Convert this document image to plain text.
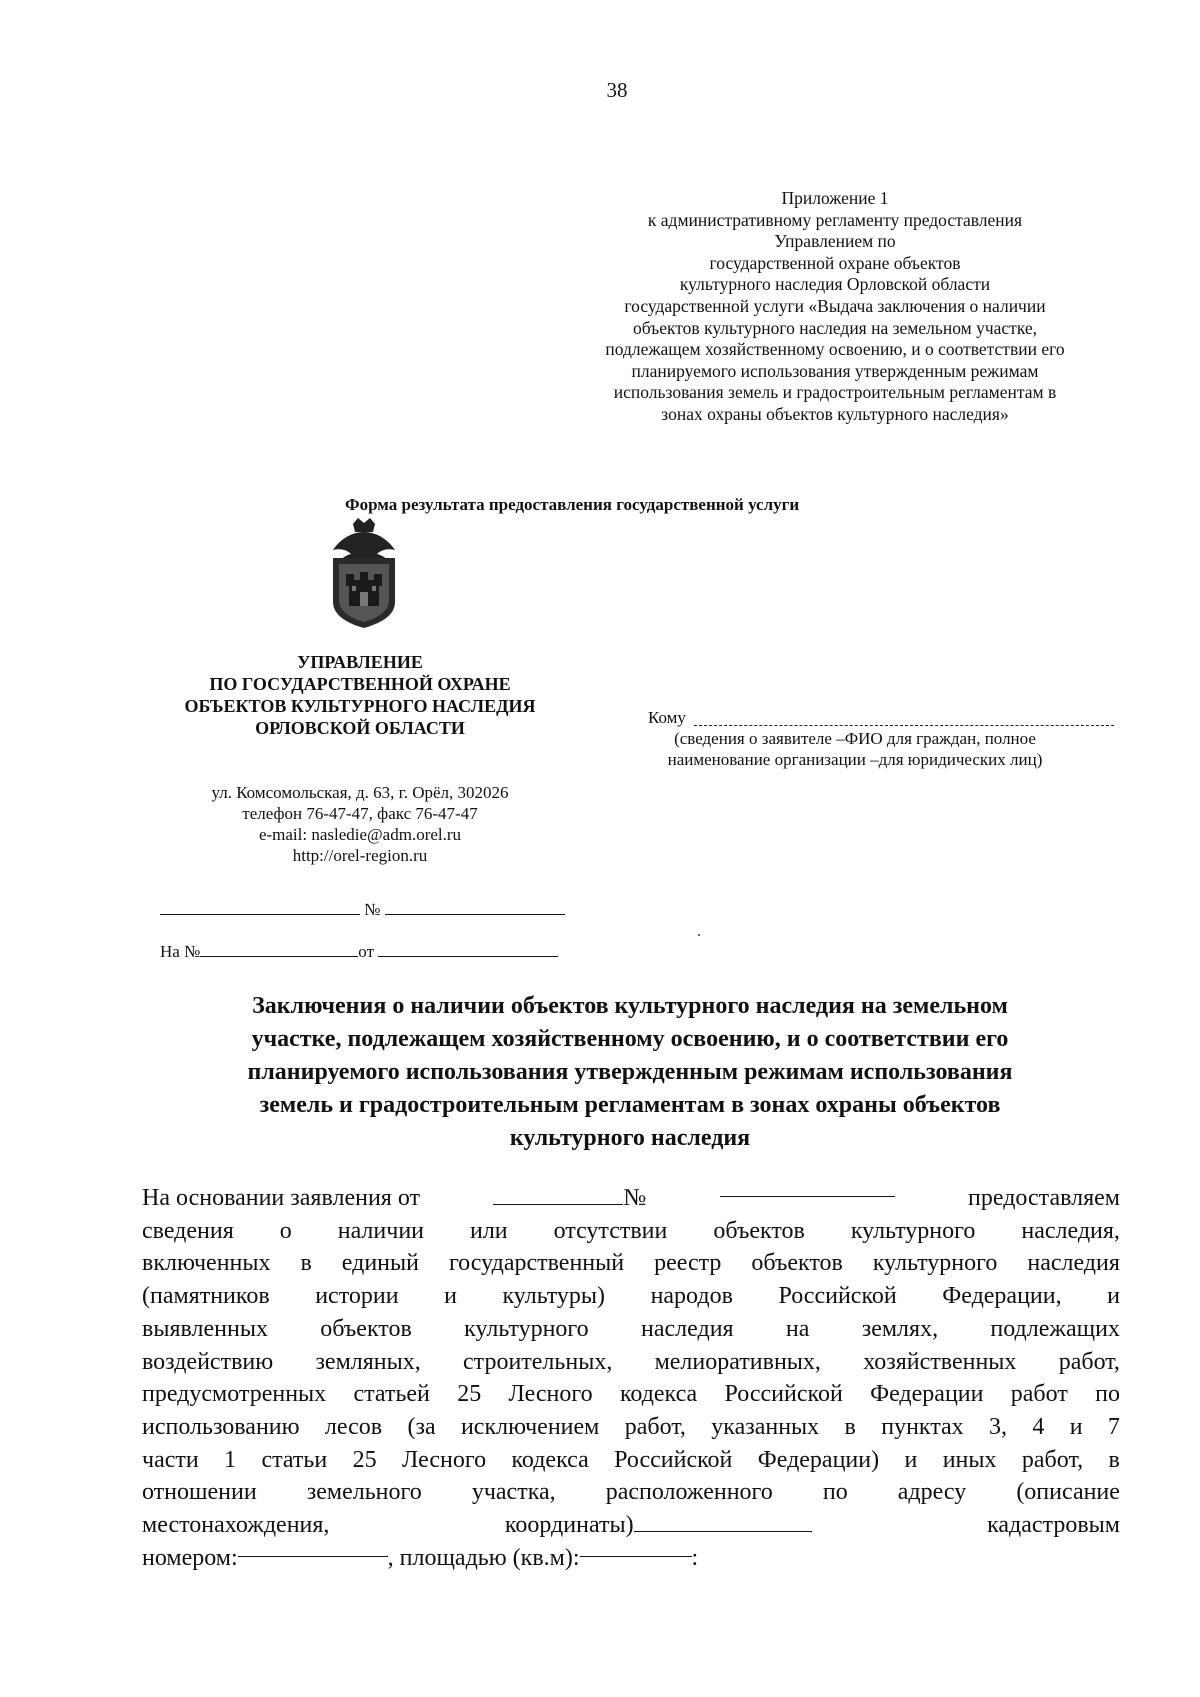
38
Приложение 1
к административному регламенту предоставления
Управлением по
государственной охране объектов
культурного наследия Орловской области
государственной услуги «Выдача заключения о наличии
объектов культурного наследия на земельном участке,
подлежащем хозяйственному освоению, и о соответствии его
планируемого использования утвержденным режимам
использования земель и градостроительным регламентам в
зонах охраны объектов культурного наследия»
Форма результата предоставления государственной услуги
УПРАВЛЕНИЕ
ПО ГОСУДАРСТВЕННОЙ ОХРАНЕ
ОБЪЕКТОВ КУЛЬТУРНОГО НАСЛЕДИЯ
ОРЛОВСКОЙ ОБЛАСТИ
ул. Комсомольская, д. 63, г. Орёл, 302026
телефон 76-47-47, факс 76-47-47
e-mail: nasledie@adm.orel.ru
http://orel-region.ru
Кому
(сведения о заявителе –ФИО для граждан, полное
наименование организации –для юридических лиц)
№
На №	от
Заключения о наличии объектов культурного наследия на земельном
участке, подлежащем хозяйственному освоению, и о соответствии его
планируемого использования утвержденным режимам использования
земель и градостроительным регламентам в зонах охраны объектов
культурного наследия
На основании заявления от	№	предоставляем
сведения о наличии или отсутствии объектов культурного наследия,
включенных в единый государственный реестр объектов культурного наследия
(памятников истории и культуры) народов Российской Федерации, и
выявленных объектов культурного наследия на землях, подлежащих
воздействию земляных, строительных, мелиоративных, хозяйственных работ,
предусмотренных статьей 25 Лесного кодекса Российской Федерации работ по
использованию лесов (за исключением работ, указанных в пунктах 3, 4 и 7
части 1 статьи 25 Лесного кодекса Российской Федерации) и иных работ, в
отношении земельного участка, расположенного по адресу (описание
местонахождения,	координаты)	кадастровым
номером:	, площадью (кв.м):	:
